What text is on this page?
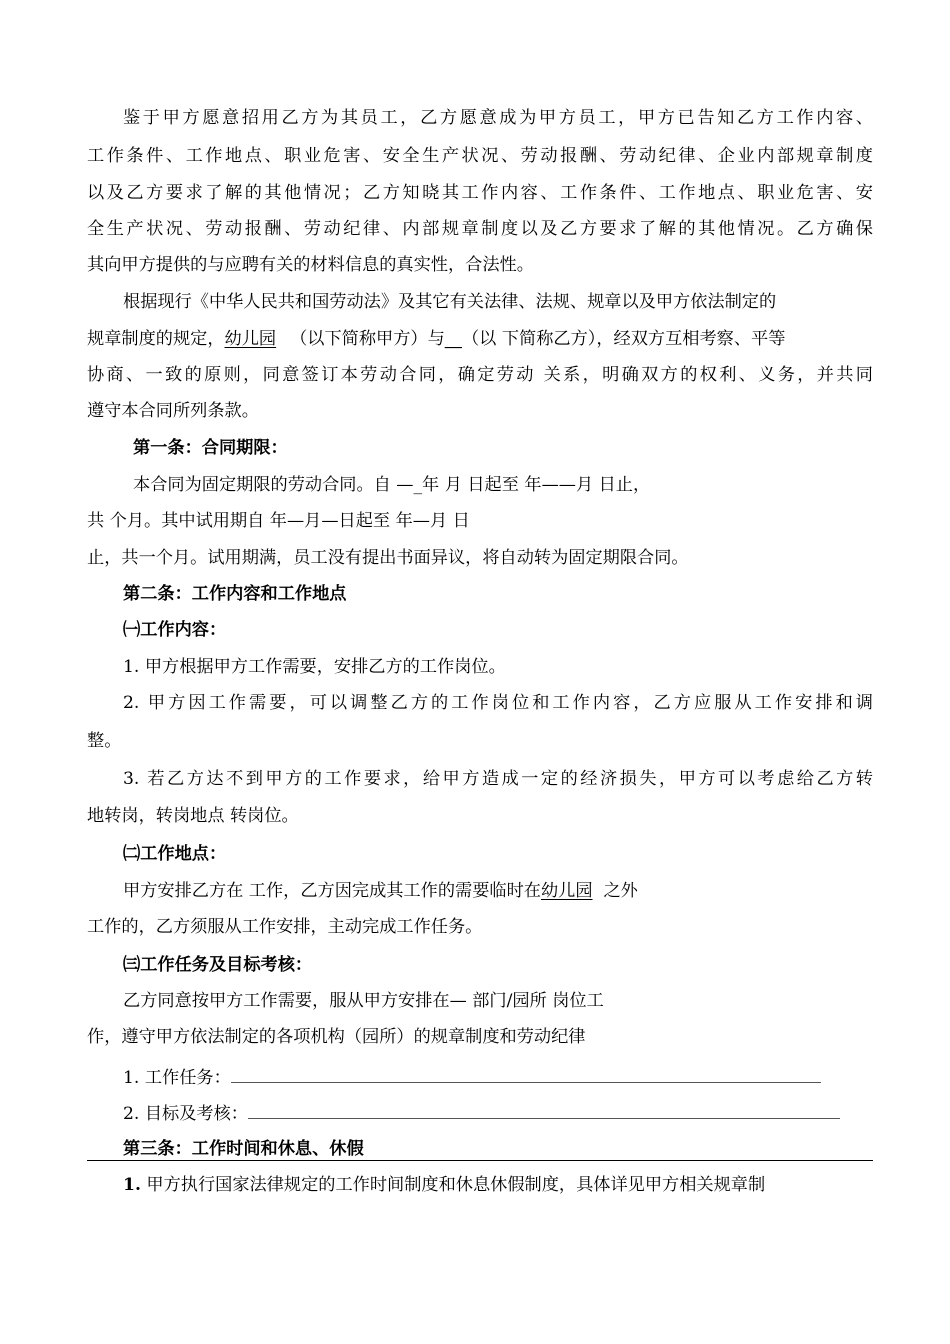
鉴于甲方愿意招用乙方为其员工，乙方愿意成为甲方员工，甲方已告知乙方工作内容、
工作条件、工作地点、职业危害、安全生产状况、劳动报酬、劳动纪律、企业内部规章制度
以及乙方要求了解的其他情况；乙方知晓其工作内容、工作条件、工作地点、职业危害、安
全生产状况、劳动报酬、劳动纪律、内部规章制度以及乙方要求了解的其他情况。乙方确保
其向甲方提供的与应聘有关的材料信息的真实性，合法性。
根据现行《中华人民共和国劳动法》及其它有关法律、法规、规章以及甲方依法制定的
规章制度的规定，幼儿园 （以下简称甲方）与__（以 下简称乙方），经双方互相考察、平等
协商、一致的原则，同意签订本劳动合同，确定劳动 关系，明确双方的权利、义务，并共同
遵守本合同所列条款。
第一条：合同期限：
本合同为固定期限的劳动合同。自 —_年 月 日起至 年——月 日止，
共 个月。其中试用期自 年—月—日起至 年—月 日
止，共一个月。试用期满，员工没有提出书面异议，将自动转为固定期限合同。
第二条：工作内容和工作地点
㈠工作内容：
1. 甲方根据甲方工作需要，安排乙方的工作岗位。
2. 甲方因工作需要，可以调整乙方的工作岗位和工作内容，乙方应服从工作安排和调
整。
3. 若乙方达不到甲方的工作要求，给甲方造成一定的经济损失，甲方可以考虑给乙方转
地转岗，转岗地点 转岗位。
㈡工作地点：
甲方安排乙方在 工作，乙方因完成其工作的需要临时在幼儿园  之外
工作的，乙方须服从工作安排，主动完成工作任务。
㈢工作任务及目标考核：
乙方同意按甲方工作需要，服从甲方安排在— 部门/园所 岗位工
作，遵守甲方依法制定的各项机构（园所）的规章制度和劳动纪律
1. 工作任务：
2. 目标及考核：
第三条：工作时间和休息、休假
1. 甲方执行国家法律规定的工作时间制度和休息休假制度，具体详见甲方相关规章制
